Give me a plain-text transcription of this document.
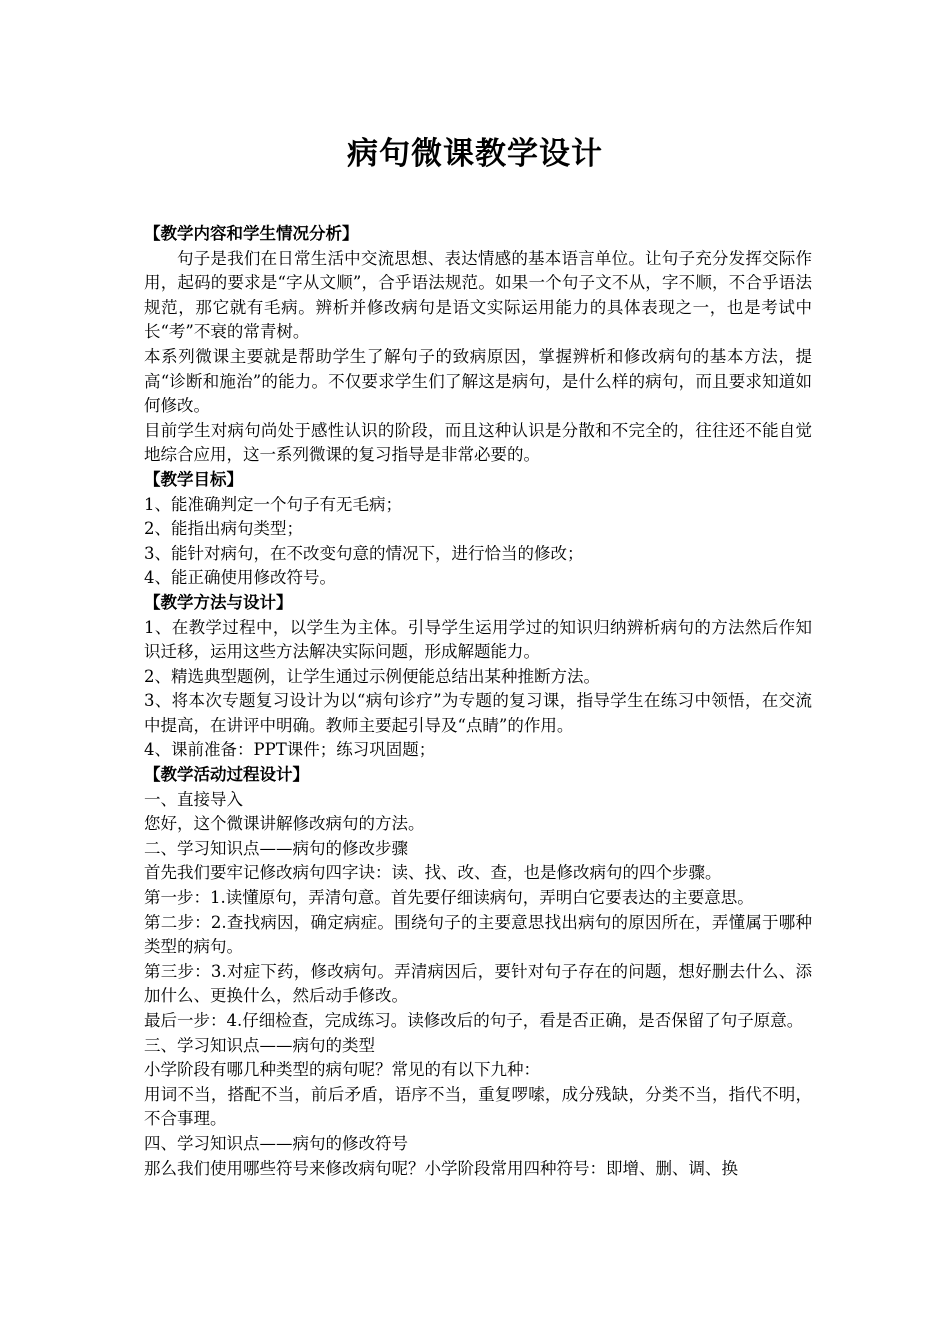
病句微课教学设计

【教学内容和学生情况分析】

句子是我们在日常生活中交流思想、表达情感的基本语言单位。让句子充分发挥交际作用，起码的要求是“字从文顺”，合乎语法规范。如果一个句子文不从，字不顺，不合乎语法规范，那它就有毛病。辨析并修改病句是语文实际运用能力的具体表现之一，也是考试中长“考”不衰的常青树。

本系列微课主要就是帮助学生了解句子的致病原因，掌握辨析和修改病句的基本方法，提高“诊断和施治”的能力。不仅要求学生们了解这是病句，是什么样的病句，而且要求知道如何修改。

目前学生对病句尚处于感性认识的阶段，而且这种认识是分散和不完全的，往往还不能自觉地综合应用，这一系列微课的复习指导是非常必要的。

【教学目标】

1、能准确判定一个句子有无毛病；

2、能指出病句类型；

3、能针对病句，在不改变句意的情况下，进行恰当的修改；

4、能正确使用修改符号。

【教学方法与设计】

1、在教学过程中，以学生为主体。引导学生运用学过的知识归纳辨析病句的方法然后作知识迁移，运用这些方法解决实际问题，形成解题能力。

2、精选典型题例，让学生通过示例便能总结出某种推断方法。

3、将本次专题复习设计为以“病句诊疗”为专题的复习课，指导学生在练习中领悟，在交流中提高，在讲评中明确。教师主要起引导及“点睛”的作用。

4、课前准备：PPT课件；练习巩固题；

【教学活动过程设计】

一、直接导入

您好，这个微课讲解修改病句的方法。

二、学习知识点——病句的修改步骤

首先我们要牢记修改病句四字诀：读、找、改、查，也是修改病句的四个步骤。

第一步：1.读懂原句，弄清句意。首先要仔细读病句，弄明白它要表达的主要意思。

第二步：2.查找病因，确定病症。围绕句子的主要意思找出病句的原因所在，弄懂属于哪种类型的病句。

第三步：3.对症下药，修改病句。弄清病因后，要针对句子存在的问题，想好删去什么、添加什么、更换什么，然后动手修改。

最后一步：4.仔细检查，完成练习。读修改后的句子，看是否正确，是否保留了句子原意。

三、学习知识点——病句的类型

小学阶段有哪几种类型的病句呢？常见的有以下九种：

用词不当，搭配不当，前后矛盾，语序不当，重复啰嗦，成分残缺，分类不当，指代不明，不合事理。

四、学习知识点——病句的修改符号

那么我们使用哪些符号来修改病句呢？小学阶段常用四种符号：即增、删、调、换
